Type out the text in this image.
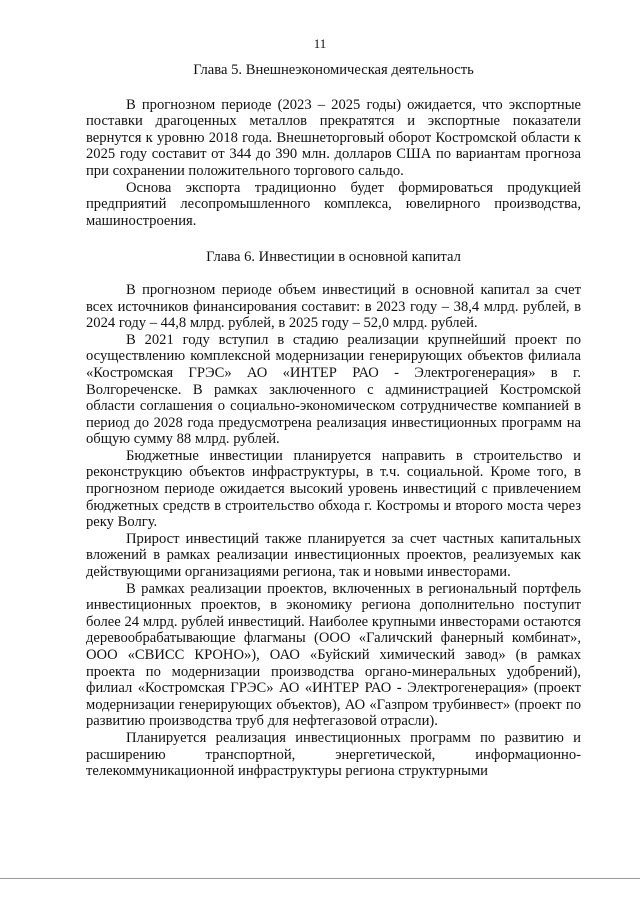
11
Глава 5. Внешнеэкономическая деятельность

В прогнозном периоде (2023 – 2025 годы) ожидается, что экспортные поставки драгоценных металлов прекратятся и экспортные показатели вернутся к уровню 2018 года. Внешнеторговый оборот Костромской области к 2025 году составит от 344 до 390 млн. долларов США по вариантам прогноза при сохранении положительного торгового сальдо.

Основа экспорта традиционно будет формироваться продукцией предприятий лесопромышленного комплекса, ювелирного производства, машиностроения.

Глава 6. Инвестиции в основной капитал

В прогнозном периоде объем инвестиций в основной капитал за счет всех источников финансирования составит: в 2023 году – 38,4 млрд. рублей, в 2024 году – 44,8 млрд. рублей, в 2025 году – 52,0 млрд. рублей.

В 2021 году вступил в стадию реализации крупнейший проект по осуществлению комплексной модернизации генерирующих объектов филиала «Костромская ГРЭС» АО «ИНТЕР РАО - Электрогенерация» в г. Волгореченске. В рамках заключенного с администрацией Костромской области соглашения о социально-экономическом сотрудничестве компанией в период до 2028 года предусмотрена реализация инвестиционных программ на общую сумму 88 млрд. рублей.

Бюджетные инвестиции планируется направить в строительство и реконструкцию объектов инфраструктуры, в т.ч. социальной. Кроме того, в прогнозном периоде ожидается высокий уровень инвестиций с привлечением бюджетных средств в строительство обхода г. Костромы и второго моста через реку Волгу.

Прирост инвестиций также планируется за счет частных капитальных вложений в рамках реализации инвестиционных проектов, реализуемых как действующими организациями региона, так и новыми инвесторами.

В рамках реализации проектов, включенных в региональный портфель инвестиционных проектов, в экономику региона дополнительно поступит более 24 млрд. рублей инвестиций. Наиболее крупными инвесторами остаются деревообрабатывающие флагманы (ООО «Галичский фанерный комбинат», ООО «СВИСС КРОНО»), ОАО «Буйский химический завод» (в рамках проекта по модернизации производства органо-минеральных удобрений), филиал «Костромская ГРЭС» АО «ИНТЕР РАО - Электрогенерация» (проект модернизации генерирующих объектов), АО «Газпром трубинвест» (проект по развитию производства труб для нефтегазовой отрасли).

Планируется реализация инвестиционных программ по развитию и расширению транспортной, энергетической, информационно-телекоммуникационной инфраструктуры региона структурными
